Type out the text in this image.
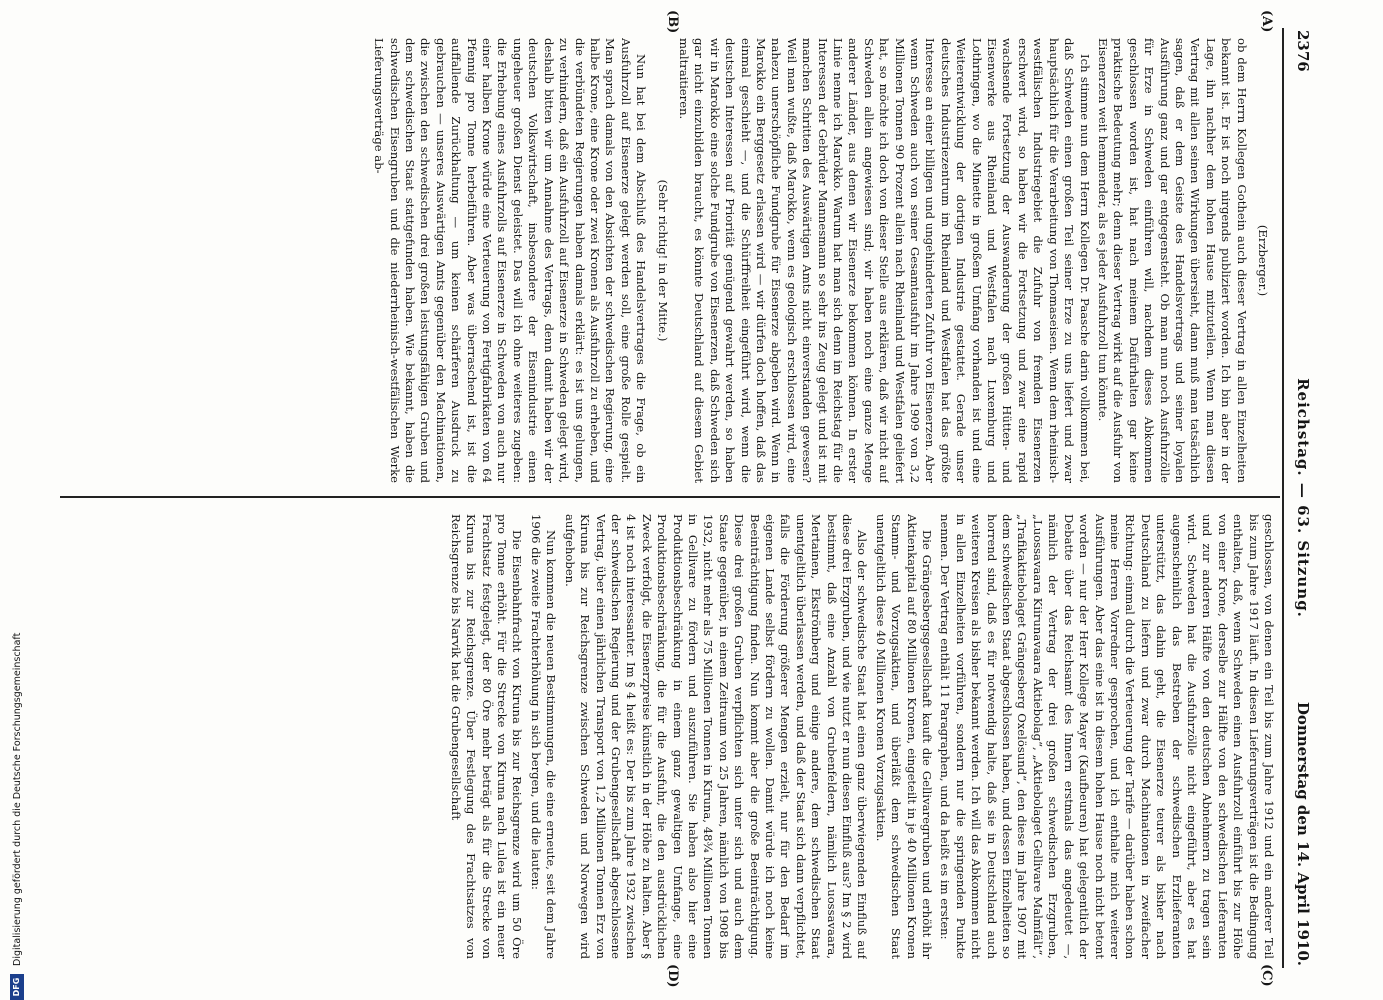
2376
Reichstag. — 63. Sitzung.
Donnerstag den 14. April 1910.

(Erzberger.)

ob dem Herrn Kollegen Gothein auch dieser Vertrag in allen Einzelheiten bekannt ist. Er ist noch nirgends publiziert worden. Ich bin aber in der Lage, ihn nachher dem hohen Hause mitzuteilen. Wenn man diesen Vertrag mit allen seinen Wirkungen übersieht, dann muß man tatsächlich sagen, daß er dem Geiste des Handelsvertrags und seiner loyalen Ausführung ganz und gar entgegensteht. Ob man nun noch Ausfuhrzölle für Erze in Schweden einführen will, nachdem dieses Abkommen geschlossen worden ist, hat nach meinem Dafürhalten gar keine praktische Bedeutung mehr; denn dieser Vertrag wirkt auf die Ausfuhr von Eisenerzen weit hemmender, als es jeder Ausfuhrzoll tun könnte.

Ich stimme nun dem Herrn Kollegen Dr. Paasche darin vollkommen bei, daß Schweden einen großen Teil seiner Erze zu uns liefert und zwar hauptsächlich für die Verarbeitung von Thomaseisen. Wenn dem rheinisch-westfälischen Industriegebiet die Zufuhr von fremden Eisenerzen erschwert wird, so haben wir die Fortsetzung und zwar eine rapid wachsende Fortsetzung der Auswanderung der großen Hütten- und Eisenwerke aus Rheinland und Westfalen nach Luxemburg und Lothringen, wo die Minette in großem Umfang vorhanden ist und eine Weiterentwicklung der dortigen Industrie gestattet. Gerade unser deutsches Industriezentrum im Rheinland und Westfalen hat das größte Interesse an einer billigen und ungehinderten Zufuhr von Eisenerzen. Aber wenn Schweden auch von seiner Gesamtausfuhr im Jahre 1909 von 3,2 Millionen Tonnen 90 Prozent allein nach Rheinland und Westfalen geliefert hat, so möchte ich doch von dieser Stelle aus erklären, daß wir nicht auf Schweden allein angewiesen sind; wir haben noch eine ganze Menge anderer Länder, aus denen wir Eisenerze bekommen können. In erster Linie nenne ich Marokko. Warum hat man sich denn im Reichstag für die Interessen der Gebrüder Mannesmann so sehr ins Zeug gelegt und ist mit manchen Schritten des Auswärtigen Amts nicht einverstanden gewesen? Weil man wußte, daß Marokko, wenn es geologisch erschlossen wird, eine nahezu unerschöpfliche Fundgrube für Eisenerze abgeben wird. Wenn in Marokko ein Berggesetz erlassen wird — wir dürfen doch hoffen, daß das einmal geschieht —, und die Schürffreiheit eingeführt wird, wenn die deutschen Interessen auf Priorität genügend gewahrt werden, so haben wir in Marokko eine solche Fundgrube von Eisenerzen, daß Schweden sich gar nicht einzubilden braucht, es könnte Deutschland auf diesem Gebiet maltraitieren.

(Sehr richtig! in der Mitte.)

Nun hat bei dem Abschluß des Handelsvertrages die Frage, ob ein Ausfuhrzoll auf Eisenerze gelegt werden soll, eine große Rolle gespielt. Man sprach damals von den Absichten der schwedischen Regierung, eine halbe Krone, eine Krone oder zwei Kronen als Ausfuhrzoll zu erheben, und die verbündeten Regierungen haben damals erklärt: es ist uns gelungen, zu verhindern, daß ein Ausfuhrzoll auf Eisenerze in Schweden gelegt wird, deshalb bitten wir um Annahme des Vertrags, denn damit haben wir der deutschen Volkswirtschaft, insbesondere der Eisenindustrie einen ungeheuer großen Dienst geleistet. Das will ich ohne weiteres zugeben: die Erhebung eines Ausfuhrzolls auf Eisenerze in Schweden von auch nur einer halben Krone würde eine Verteuerung von Fertigfabrikaten von 64 Pfennig pro Tonne herbeiführen. Aber was überraschend ist, ist die auffallende Zurückhaltung — um keinen schärferen Ausdruck zu gebrauchen — unseres Auswärtigen Amts gegenüber den Machinationen, die zwischen den schwedischen drei großen leistungsfähigen Gruben und dem schwedischen Staat stattgefunden haben. Wie bekannt, haben die schwedischen Eisengruben und die niederrheinisch-westfälischen Werke Lieferungsverträge ab-

geschlossen, von denen ein Teil bis zum Jahre 1912 und ein anderer Teil bis zum Jahre 1917 läuft. In diesen Lieferungsverträgen ist die Bedingung enthalten, daß, wenn Schweden einen Ausfuhrzoll einführt bis zur Höhe von einer Krone, derselbe zur Hälfte von den schwedischen Lieferanten und zur anderen Hälfte von den deutschen Abnehmern zu tragen sein wird. Schweden hat die Ausfuhrzölle nicht eingeführt, aber es hat augenscheinlich das Bestreben der schwedischen Erzlieferanten unterstützt, das dahin geht, die Eisenerze teurer als bisher nach Deutschland zu liefern und zwar durch Machinationen in zweifacher Richtung: einmal durch die Verteuerung der Tarife — darüber haben schon meine Herren Vorredner gesprochen, und ich enthalte mich weiterer Ausführungen. Aber das eine ist in diesem hohen Hause noch nicht betont worden — nur der Herr Kollege Mayer (Kaufbeuren) hat gelegentlich der Debatte über das Reichsamt des Innern erstmals das angedeutet —, nämlich der Vertrag der drei großen schwedischen Erzgruben, „Luossavaara Kiirunavaara Aktiebolag“, „Aktiebolaget Gellivare Malmfält“, „Trafikaktiebolaget Grängesberg Oxelösund“, den diese im Jahre 1907 mit dem schwedischen Staat abgeschlossen haben, und dessen Einzelheiten so horrend sind, daß es für notwendig halte, daß sie in Deutschland auch weiteren Kreisen als bisher bekannt werden. Ich will das Abkommen nicht in allen Einzelheiten vorführen, sondern nur die springenden Punkte nennen. Der Vertrag enthält 11 Paragraphen, und da heißt es im ersten:

Die Grängesbergsgesellschaft kauft die Gellivaregruben und erhöht ihr Aktienkapital auf 80 Millionen Kronen, eingeteilt in je 40 Millionen Kronen Stamm- und Vorzugsaktien, und überläßt dem schwedischen Staat unentgeltlich diese 40 Millionen Kronen Vorzugsaktien.

Also der schwedische Staat hat einen ganz überwiegenden Einfluß auf diese drei Erzgruben, und wie nutzt er nun diesen Einfluß aus? Im § 2 wird bestimmt, daß eine Anzahl von Grubenfeldern, nämlich Luossavaara, Mertainen, Ekströmberg und einige andere, dem schwedischen Staat unentgeltlich überlassen werden, und daß der Staat sich dann verpflichtet, falls die Förderung größerer Mengen erzielt, nur für den Bedarf im eigenen Lande selbst fördern zu wollen. Damit würde ich noch keine Beeinträchtigung finden. Nun kommt aber die große Beeinträchtigung. Diese drei großen Gruben verpflichten sich unter sich und auch dem Staate gegenüber, in einem Zeitraum von 25 Jahren, nämlich von 1908 bis 1932, nicht mehr als 75 Millionen Tonnen in Kiruna, 48¾ Millionen Tonnen in Gellivare zu fördern und auszuführen. Sie haben also hier eine Produktionsbeschränkung in einem ganz gewaltigen Umfange, eine Produktionsbeschränkung, die für die Ausfuhr, die den ausdrücklichen Zweck verfolgt, die Eisenerzpreise künstlich in der Höhe zu halten. Aber § 4 ist noch interessanter. Im § 4 heißt es: Der bis zum Jahre 1932 zwischen der schwedischen Regierung und der Grubengesellschaft abgeschlossene Vertrag, über einen jährlichen Transport von 1,2 Millionen Tonnen Erz von Kiruna bis zur Reichsgrenze zwischen Schweden und Norwegen wird aufgehoben.

Nun kommen die neuen Bestimmungen, die eine erneute, seit dem Jahre 1906 die zweite Frachterhöhung in sich bergen, und die lauten:

Die Eisenbahnfracht von Kiruna bis zur Reichsgrenze wird um 50 Öre pro Tonne erhöht. Für die Strecke von Kiruna nach Lulea ist ein neuer Frachtsatz festgelegt, der 80 Öre mehr beträgt als für die Strecke von Kiruna bis zur Reichsgrenze. Über Festlegung des Frachtsatzes von Reichsgrenze bis Narvik hat die Grubengesellschaft

(A)
(B)
(C)
(D)
DFG
Digitalisierung gefördert durch die Deutsche Forschungsgemeinschaft
